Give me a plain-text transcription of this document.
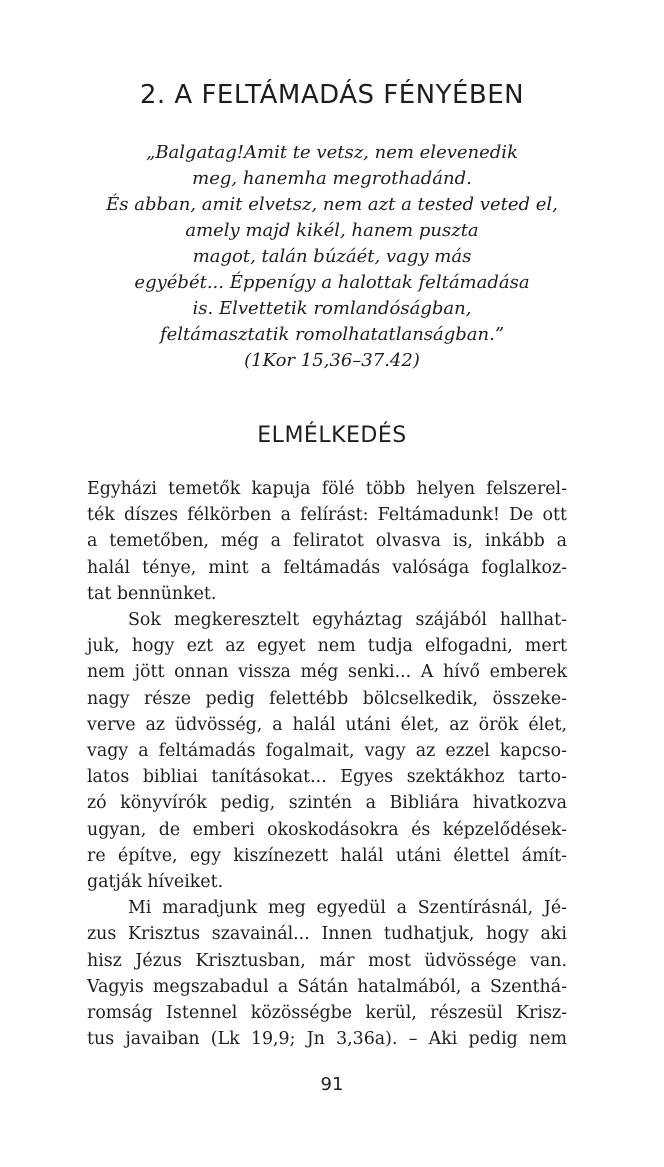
2. A FELTÁMADÁS FÉNYÉBEN
„Balgatag!Amit te vetsz, nem elevenedik
meg, hanemha megrothadánd.
És abban, amit elvetsz, nem azt a tested veted el,
amely majd kikél, hanem puszta
magot, talán búzáét, vagy más
egyébét... Éppenígy a halottak feltámadása
is. Elvettetik romlandóságban,
feltámasztatik romolhatatlanságban.”
(1Kor 15,36–37.42)
ELMÉLKEDÉS
Egyházi temetők kapuja fölé több helyen felszerel-
ték díszes félkörben a felírást: Feltámadunk! De ott
a temetőben, még a feliratot olvasva is, inkább a
halál ténye, mint a feltámadás valósága foglalkoz-
tat bennünket.
Sok megkeresztelt egyháztag szájából hallhat-
juk, hogy ezt az egyet nem tudja elfogadni, mert
nem jött onnan vissza még senki... A hívő emberek
nagy része pedig felettébb bölcselkedik, összeke-
verve az üdvösség, a halál utáni élet, az örök élet,
vagy a feltámadás fogalmait, vagy az ezzel kapcso-
latos bibliai tanításokat... Egyes szektákhoz tarto-
zó könyvírók pedig, szintén a Bibliára hivatkozva
ugyan, de emberi okoskodásokra és képzelődések-
re építve, egy kiszínezett halál utáni élettel ámít-
gatják híveiket.
Mi maradjunk meg egyedül a Szentírásnál, Jé-
zus Krisztus szavainál... Innen tudhatjuk, hogy aki
hisz Jézus Krisztusban, már most üdvössége van.
Vagyis megszabadul a Sátán hatalmából, a Szenthá-
romság Istennel közösségbe kerül, részesül Krisz-
tus javaiban (Lk 19,9; Jn 3,36a). – Aki pedig nem
91
